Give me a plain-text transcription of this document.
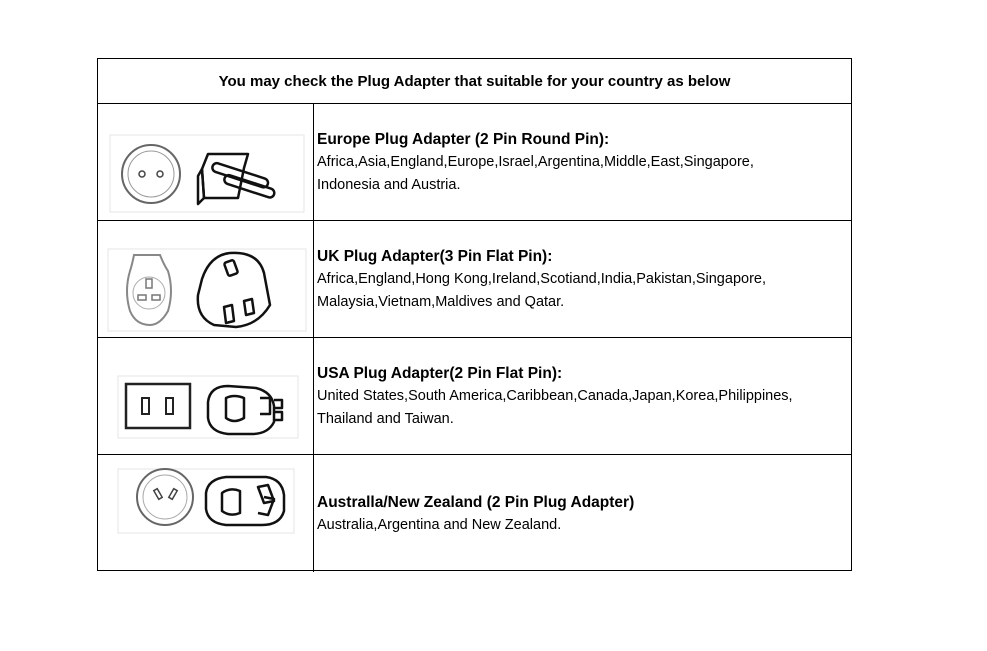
You may check the Plug Adapter that suitable for your country as below
Europe Plug Adapter (2 Pin Round Pin):
Africa,Asia,England,Europe,Israel,Argentina,Middle,East,Singapore,
Indonesia and Austria.
UK Plug Adapter(3 Pin Flat Pin):
Africa,England,Hong Kong,Ireland,Scotiand,India,Pakistan,Singapore,
Malaysia,Vietnam,Maldives and Qatar.
USA Plug Adapter(2 Pin Flat Pin):
United States,South America,Caribbean,Canada,Japan,Korea,Philippines,
Thailand and Taiwan.
Australla/New Zealand (2 Pin Plug Adapter)
Australia,Argentina and New Zealand.
